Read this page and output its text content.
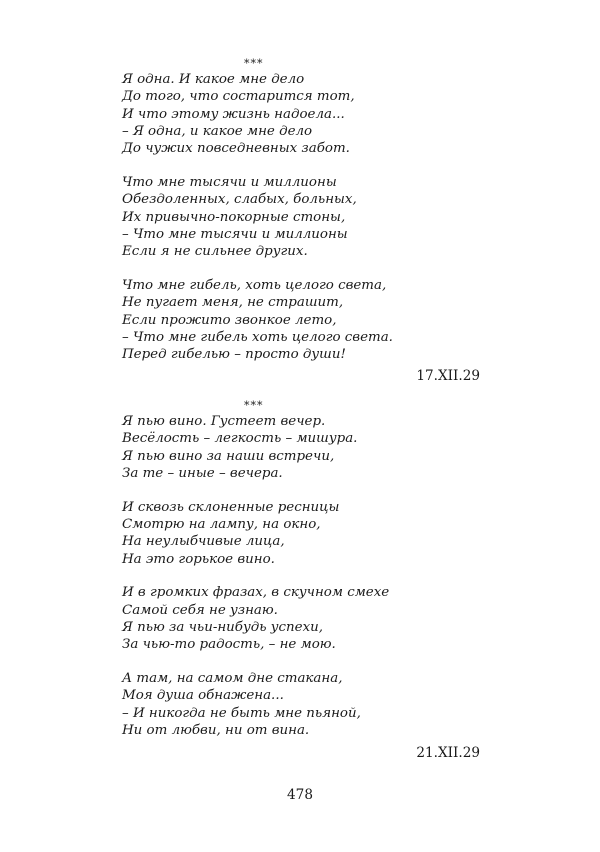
***
Я одна. И какое мне дело
До того, что состарится тот,
И что этому жизнь надоела...
– Я одна, и какое мне дело
До чужих повседневных забот.
Что мне тысячи и миллионы
Обездоленных, слабых, больных,
Их привычно-покорные стоны,
– Что мне тысячи и миллионы
Если я не сильнее других.
Что мне гибель, хоть целого света,
Не пугает меня, не страшит,
Если прожито звонкое лето,
– Что мне гибель хоть целого света.
Перед гибелью – просто души!
17.XII.29
***
Я пью вино. Густеет вечер.
Весёлость – легкость – мишура.
Я пью вино за наши встречи,
За те – иные – вечера.
И сквозь склоненные ресницы
Смотрю на лампу, на окно,
На неулыбчивые лица,
На это горькое вино.
И в громких фразах, в скучном смехе
Самой себя не узнаю.
Я пью за чьи-нибудь успехи,
За чью-то радость, – не мою.
А там, на самом дне стакана,
Моя душа обнажена...
– И никогда не быть мне пьяной,
Ни от любви, ни от вина.
21.XII.29
478
